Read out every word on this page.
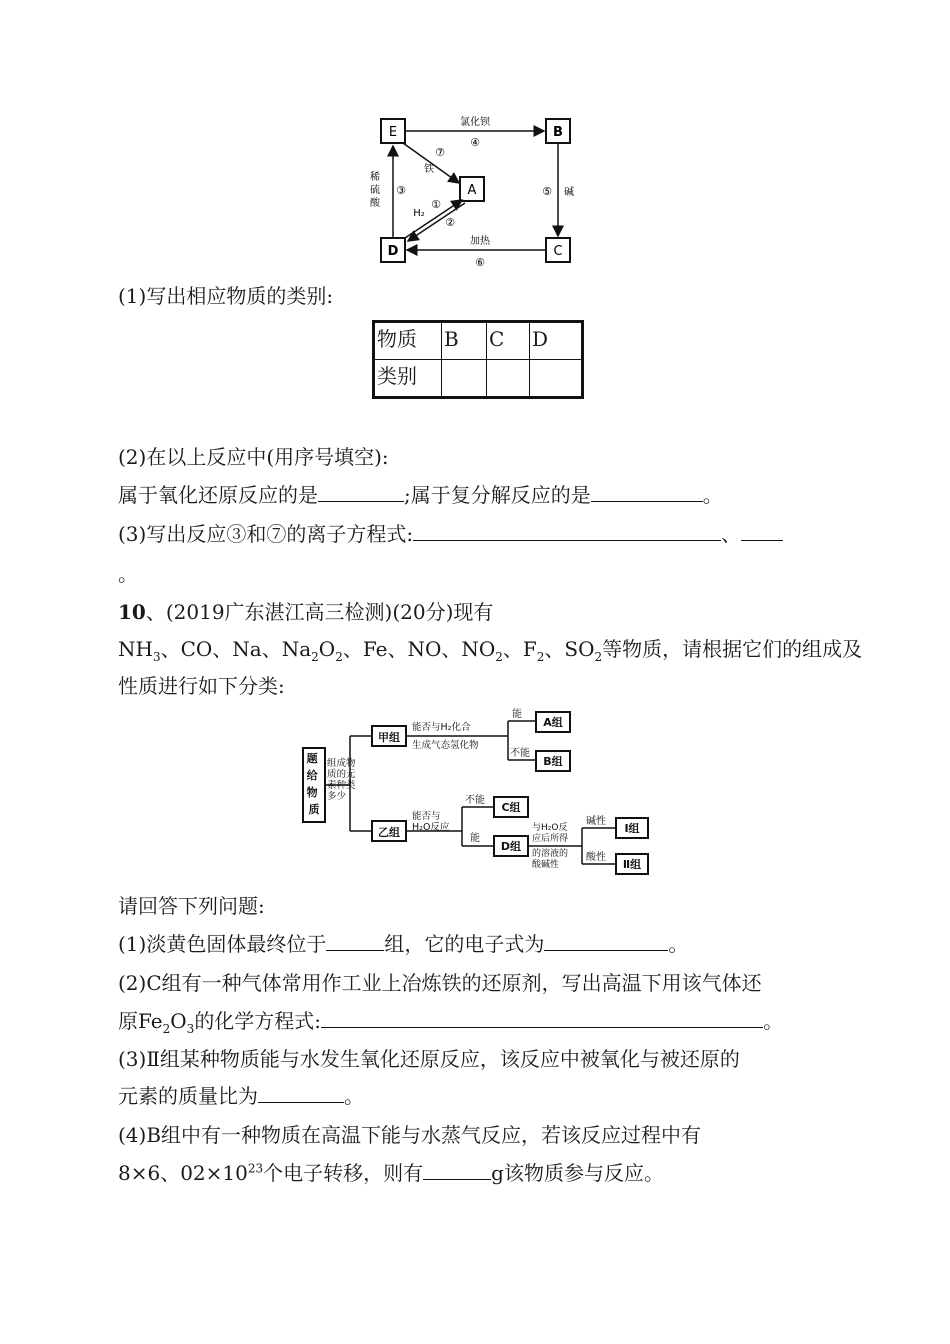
E	B
A
D	C
氯化钡
④
⑦
铁
稀硫酸
③	⑤ 碱
H₂
①
②
加热
⑥
(1)写出相应物质的类别:
物质	B	C	D
类别			
(2)在以上反应中(用序号填空):
属于氧化还原反应的是	;属于复分解反应的是	。
(3)写出反应③和⑦的离子方程式:	、
。
10、(2019广东湛江高三检测)(20分)现有
$NH_3$、CO、Na、$Na_2O_2$、Fe、NO、$NO_2$、$F_2$、$SO_2$等物质，请根据它们的组成及
性质进行如下分类:
题 给 物 质
组成物 质的元 素种类 多少
甲组
乙组
能否与H₂化合 生成气态氢化物
能
不能
A组
B组
能否与 H₂O反应
不能
能
C组
D组
与H₂O反 应后所得 的溶液的 酸碱性
碱性
酸性
Ⅰ组
Ⅱ组
请回答下列问题:
(1)淡黄色固体最终位于	组，它的电子式为	。
(2)C组有一种气体常用作工业上冶炼铁的还原剂，写出高温下用该气体还
原$Fe_2O_3$的化学方程式:	。
(3)Ⅱ组某种物质能与水发生氧化还原反应，该反应中被氧化与被还原的
元素的质量比为	。
(4)B组中有一种物质在高温下能与水蒸气反应，若该反应过程中有
8×6、$02\times 10^{23}$个电子转移，则有	g该物质参与反应。
